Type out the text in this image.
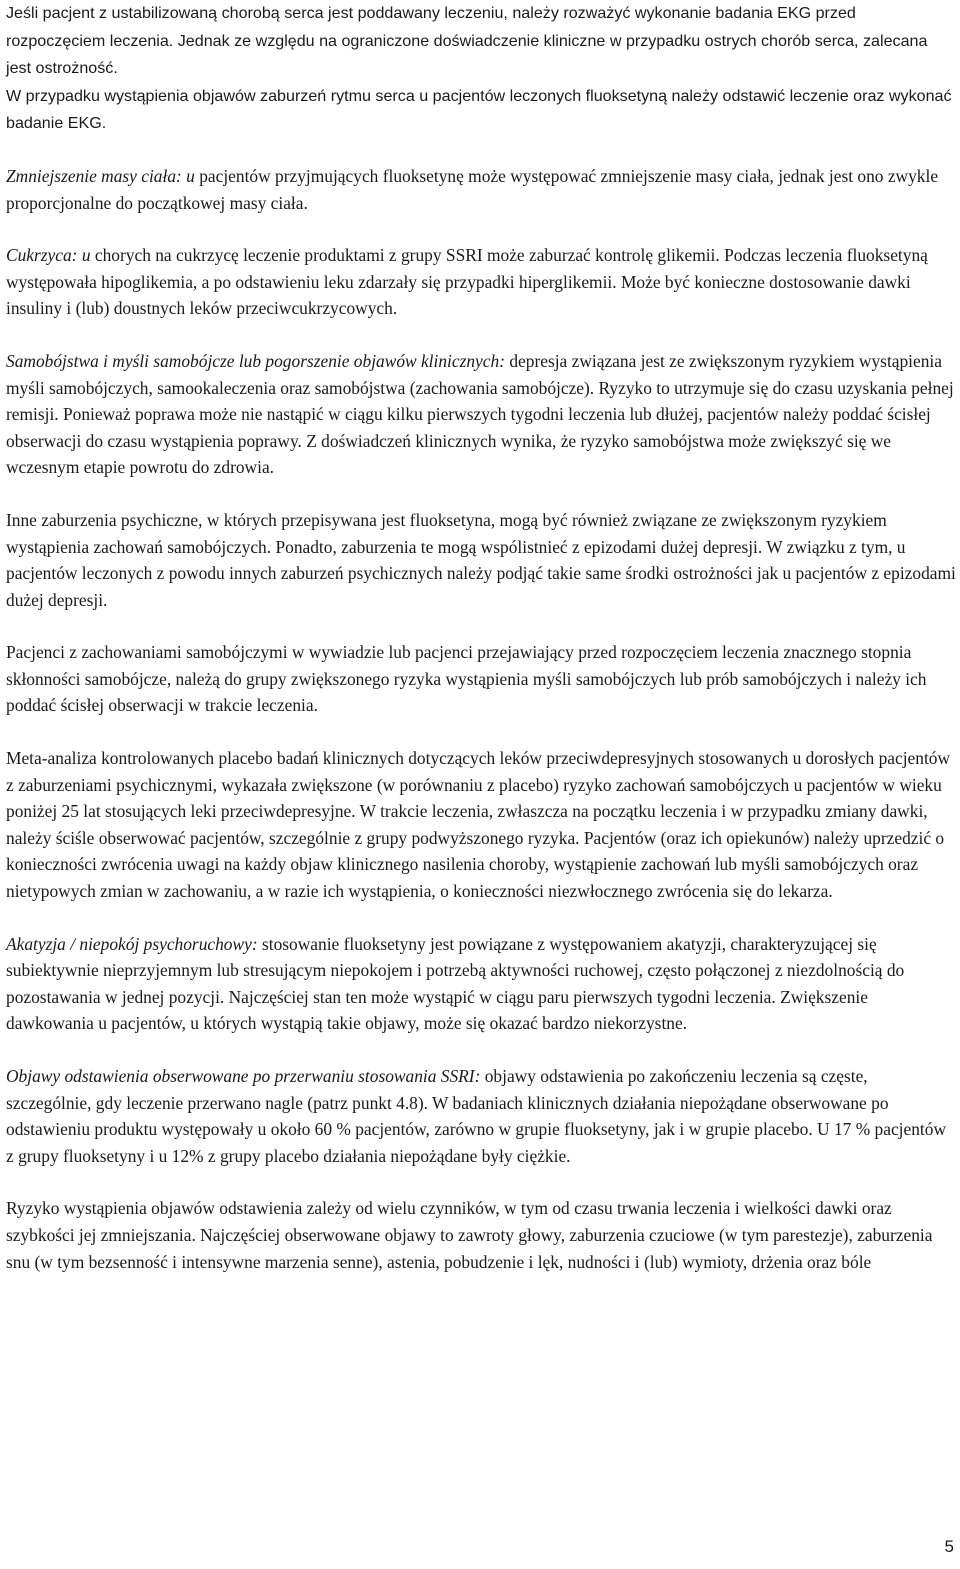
Jeśli pacjent z ustabilizowaną chorobą serca jest poddawany leczeniu, należy rozważyć wykonanie badania EKG przed rozpoczęciem leczenia. Jednak ze względu na ograniczone doświadczenie kliniczne w przypadku ostrych chorób serca, zalecana jest ostrożność.
W przypadku wystąpienia objawów zaburzeń rytmu serca u pacjentów leczonych fluoksetyną należy odstawić leczenie oraz wykonać badanie EKG.

Zmniejszenie masy ciała: u pacjentów przyjmujących fluoksetynę może występować zmniejszenie masy ciała, jednak jest ono zwykle proporcjonalne do początkowej masy ciała.

Cukrzyca: u chorych na cukrzycę leczenie produktami z grupy SSRI może zaburzać kontrolę glikemii. Podczas leczenia fluoksetyną występowała hipoglikemia, a po odstawieniu leku zdarzały się przypadki hiperglikemii. Może być konieczne dostosowanie dawki insuliny i (lub) doustnych leków przeciwcukrzycowych.

Samobójstwa i myśli samobójcze lub pogorszenie objawów klinicznych: depresja związana jest ze zwiększonym ryzykiem wystąpienia myśli samobójczych, samookaleczenia oraz samobójstwa (zachowania samobójcze). Ryzyko to utrzymuje się do czasu uzyskania pełnej remisji. Ponieważ poprawa może nie nastąpić w ciągu kilku pierwszych tygodni leczenia lub dłużej, pacjentów należy poddać ścisłej obserwacji do czasu wystąpienia poprawy. Z doświadczeń klinicznych wynika, że ryzyko samobójstwa może zwiększyć się we wczesnym etapie powrotu do zdrowia.

Inne zaburzenia psychiczne, w których przepisywana jest fluoksetyna, mogą być również związane ze zwiększonym ryzykiem wystąpienia zachowań samobójczych. Ponadto, zaburzenia te mogą wspólistnieć z epizodami dużej depresji. W związku z tym, u pacjentów leczonych z powodu innych zaburzeń psychicznych należy podjąć takie same środki ostrożności jak u pacjentów z epizodami dużej depresji.

Pacjenci z zachowaniami samobójczymi w wywiadzie lub pacjenci przejawiający przed rozpoczęciem leczenia znacznego stopnia skłonności samobójcze, należą do grupy zwiększonego ryzyka wystąpienia myśli samobójczych lub prób samobójczych i należy ich poddać ścisłej obserwacji w trakcie leczenia.

Meta-analiza kontrolowanych placebo badań klinicznych dotyczących leków przeciwdepresyjnych stosowanych u dorosłych pacjentów z zaburzeniami psychicznymi, wykazała zwiększone (w porównaniu z placebo) ryzyko zachowań samobójczych u pacjentów w wieku poniżej 25 lat stosujących leki przeciwdepresyjne. W trakcie leczenia, zwłaszcza na początku leczenia i w przypadku zmiany dawki, należy ściśle obserwować pacjentów, szczególnie z grupy podwyższonego ryzyka. Pacjentów (oraz ich opiekunów) należy uprzedzić o konieczności zwrócenia uwagi na każdy objaw klinicznego nasilenia choroby, wystąpienie zachowań lub myśli samobójczych oraz nietypowych zmian w zachowaniu, a w razie ich wystąpienia, o konieczności niezwłocznego zwrócenia się do lekarza.

Akatyzja / niepokój psychoruchowy: stosowanie fluoksetyny jest powiązane z występowaniem akatyzji, charakteryzującej się subiektywnie nieprzyjemnym lub stresującym niepokojem i potrzebą aktywności ruchowej, często połączonej z niezdolnością do pozostawania w jednej pozycji. Najczęściej stan ten może wystąpić w ciągu paru pierwszych tygodni leczenia. Zwiększenie dawkowania u pacjentów, u których wystąpią takie objawy, może się okazać bardzo niekorzystne.

Objawy odstawienia obserwowane po przerwaniu stosowania SSRI: objawy odstawienia po zakończeniu leczenia są częste, szczególnie, gdy leczenie przerwano nagle (patrz punkt 4.8). W badaniach klinicznych działania niepożądane obserwowane po odstawieniu produktu występowały u około 60 % pacjentów, zarówno w grupie fluoksetyny, jak i w grupie placebo. U 17 % pacjentów z grupy fluoksetyny i u 12% z grupy placebo działania niepożądane były ciężkie.

Ryzyko wystąpienia objawów odstawienia zależy od wielu czynników, w tym od czasu trwania leczenia i wielkości dawki oraz szybkości jej zmniejszania. Najczęściej obserwowane objawy to zawroty głowy, zaburzenia czuciowe (w tym parestezje), zaburzenia snu (w tym bezsenność i intensywne marzenia senne), astenia, pobudzenie i lęk, nudności i (lub) wymioty, drżenia oraz bóle

5
